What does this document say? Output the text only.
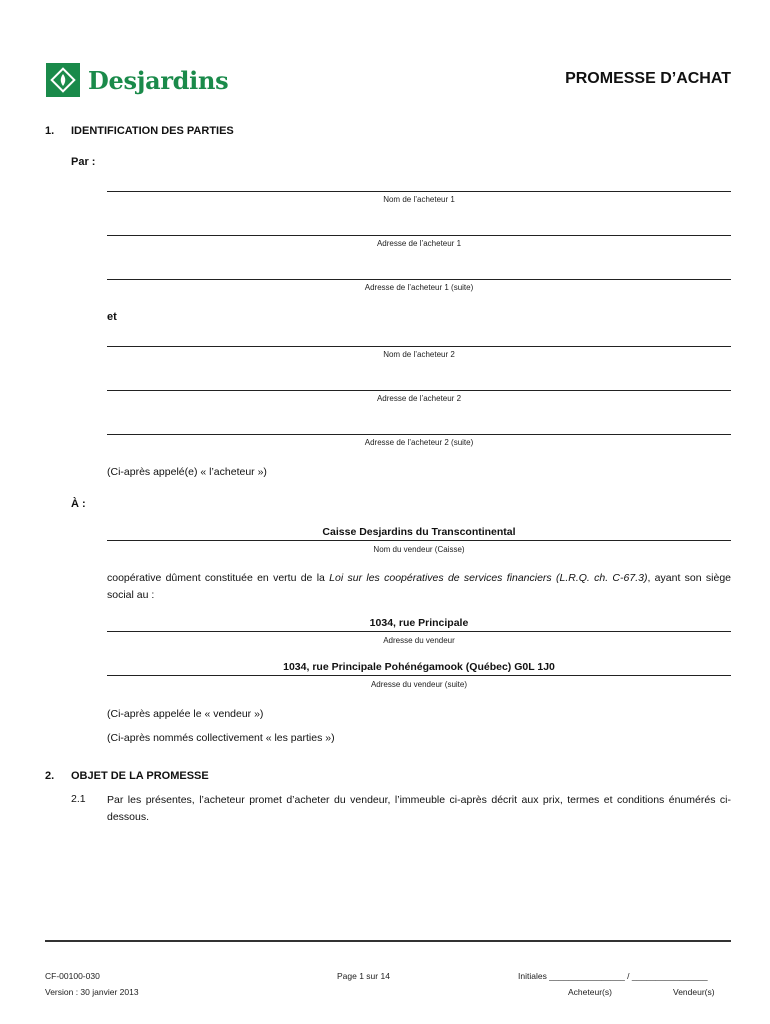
Desjardins	PROMESSE D’ACHAT
1. IDENTIFICATION DES PARTIES
Par :
Nom de l’acheteur 1
Adresse de l’acheteur 1
Adresse de l’acheteur 1 (suite)
et
Nom de l’acheteur 2
Adresse de l’acheteur 2
Adresse de l’acheteur 2 (suite)
(Ci-après appelé(e) « l’acheteur »)
À :
Caisse Desjardins du Transcontinental
Nom du vendeur (Caisse)
coopérative dûment constituée en vertu de la Loi sur les coopératives de services financiers (L.R.Q. ch. C-67.3), ayant son siège social au :
1034, rue Principale
Adresse du vendeur
1034, rue Principale Pohénégamook (Québec) G0L 1J0
Adresse du vendeur (suite)
(Ci-après appelée le « vendeur »)
(Ci-après nommés collectivement « les parties »)
2. OBJET DE LA PROMESSE
2.1 Par les présentes, l’acheteur promet d’acheter du vendeur, l’immeuble ci-après décrit aux prix, termes et conditions énumérés ci-dessous.
CF-00100-030
Version : 30 janvier 2013
Page 1 sur 14	Initiales ________________ / ________________
Acheteur(s)	Vendeur(s)
